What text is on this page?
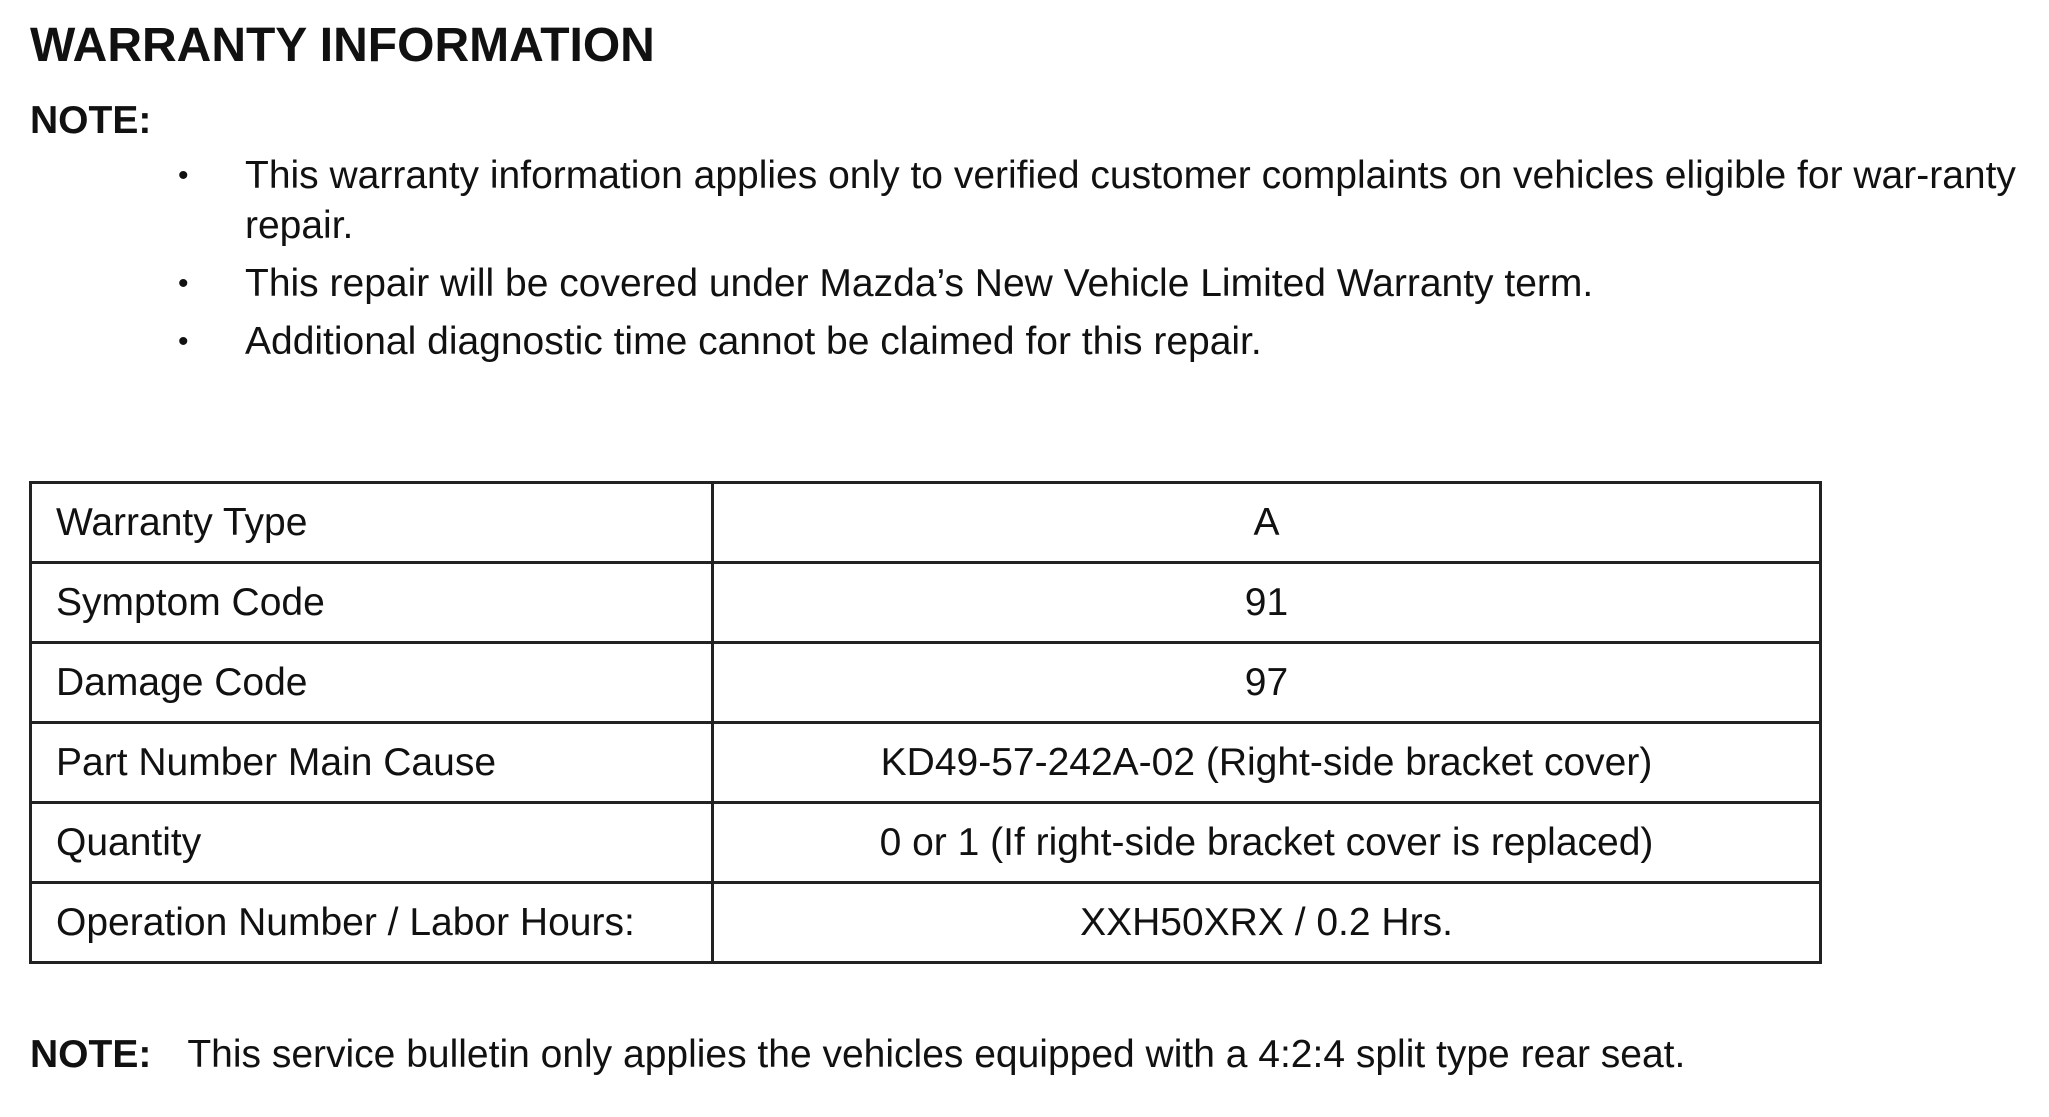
WARRANTY INFORMATION
NOTE:
• This warranty information applies only to verified customer complaints on vehicles eligible for war-ranty repair.
• This repair will be covered under Mazda’s New Vehicle Limited Warranty term.
• Additional diagnostic time cannot be claimed for this repair.
Warranty Type	A
Symptom Code	91
Damage Code	97
Part Number Main Cause	KD49-57-242A-02 (Right-side bracket cover)
Quantity	0 or 1 (If right-side bracket cover is replaced)
Operation Number / Labor Hours:	XXH50XRX / 0.2 Hrs.
NOTE: This service bulletin only applies the vehicles equipped with a 4:2:4 split type rear seat.
